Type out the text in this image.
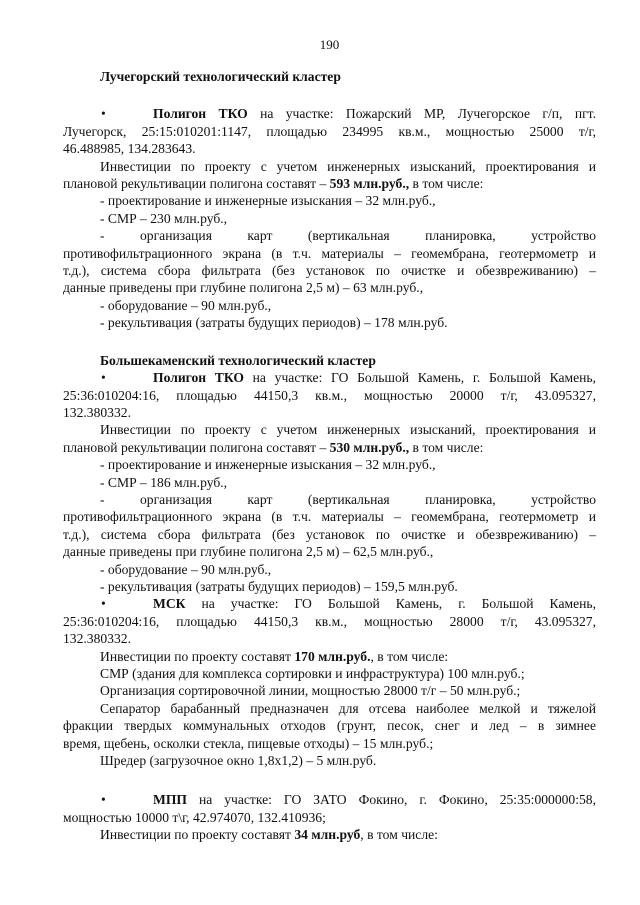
190
Лучегорский технологический кластер
•	Полигон ТКО на участке: Пожарский МР, Лучегорское г/п, пгт.
Лучегорск, 25:15:010201:1147, площадью 234995 кв.м., мощностью 25000 т/г,
46.488985, 134.283643.
Инвестиции по проекту с учетом инженерных изысканий, проектирования и
плановой рекультивации полигона составят – 593 млн.руб., в том числе:
- проектирование и инженерные изыскания – 32 млн.руб.,
- СМР – 230 млн.руб.,
- организация карт (вертикальная планировка, устройство
противофильтрационного экрана (в т.ч. материалы – геомембрана, геотермометр и
т.д.), система сбора фильтрата (без установок по очистке и обезвреживанию) –
данные приведены при глубине полигона 2,5 м) – 63 млн.руб.,
- оборудование – 90 млн.руб.,
- рекультивация (затраты будущих периодов) – 178 млн.руб.
Большекаменский технологический кластер
•	Полигон ТКО на участке: ГО Большой Камень, г. Большой Камень,
25:36:010204:16, площадью 44150,3 кв.м., мощностью 20000 т/г, 43.095327,
132.380332.
Инвестиции по проекту с учетом инженерных изысканий, проектирования и
плановой рекультивации полигона составят – 530 млн.руб., в том числе:
- проектирование и инженерные изыскания – 32 млн.руб.,
- СМР – 186 млн.руб.,
- организация карт (вертикальная планировка, устройство
противофильтрационного экрана (в т.ч. материалы – геомембрана, геотермометр и
т.д.), система сбора фильтрата (без установок по очистке и обезвреживанию) –
данные приведены при глубине полигона 2,5 м) – 62,5 млн.руб.,
- оборудование – 90 млн.руб.,
- рекультивация (затраты будущих периодов) – 159,5 млн.руб.
•	МСК на участке: ГО Большой Камень, г. Большой Камень,
25:36:010204:16, площадью 44150,3 кв.м., мощностью 28000 т/г, 43.095327,
132.380332.
Инвестиции по проекту составят 170 млн.руб., в том числе:
СМР (здания для комплекса сортировки и инфраструктура) 100 млн.руб.;
Организация сортировочной линии, мощностью 28000 т/г – 50 млн.руб.;
Сепаратор барабанный предназначен для отсева наиболее мелкой и тяжелой
фракции твердых коммунальных отходов (грунт, песок, снег и лед – в зимнее
время, щебень, осколки стекла, пищевые отходы) – 15 млн.руб.;
Шредер (загрузочное окно 1,8х1,2) – 5 млн.руб.
•	МПП на участке: ГО ЗАТО Фокино, г. Фокино, 25:35:000000:58,
мощностью 10000 т\г, 42.974070, 132.410936;
Инвестиции по проекту составят 34 млн.руб, в том числе:
